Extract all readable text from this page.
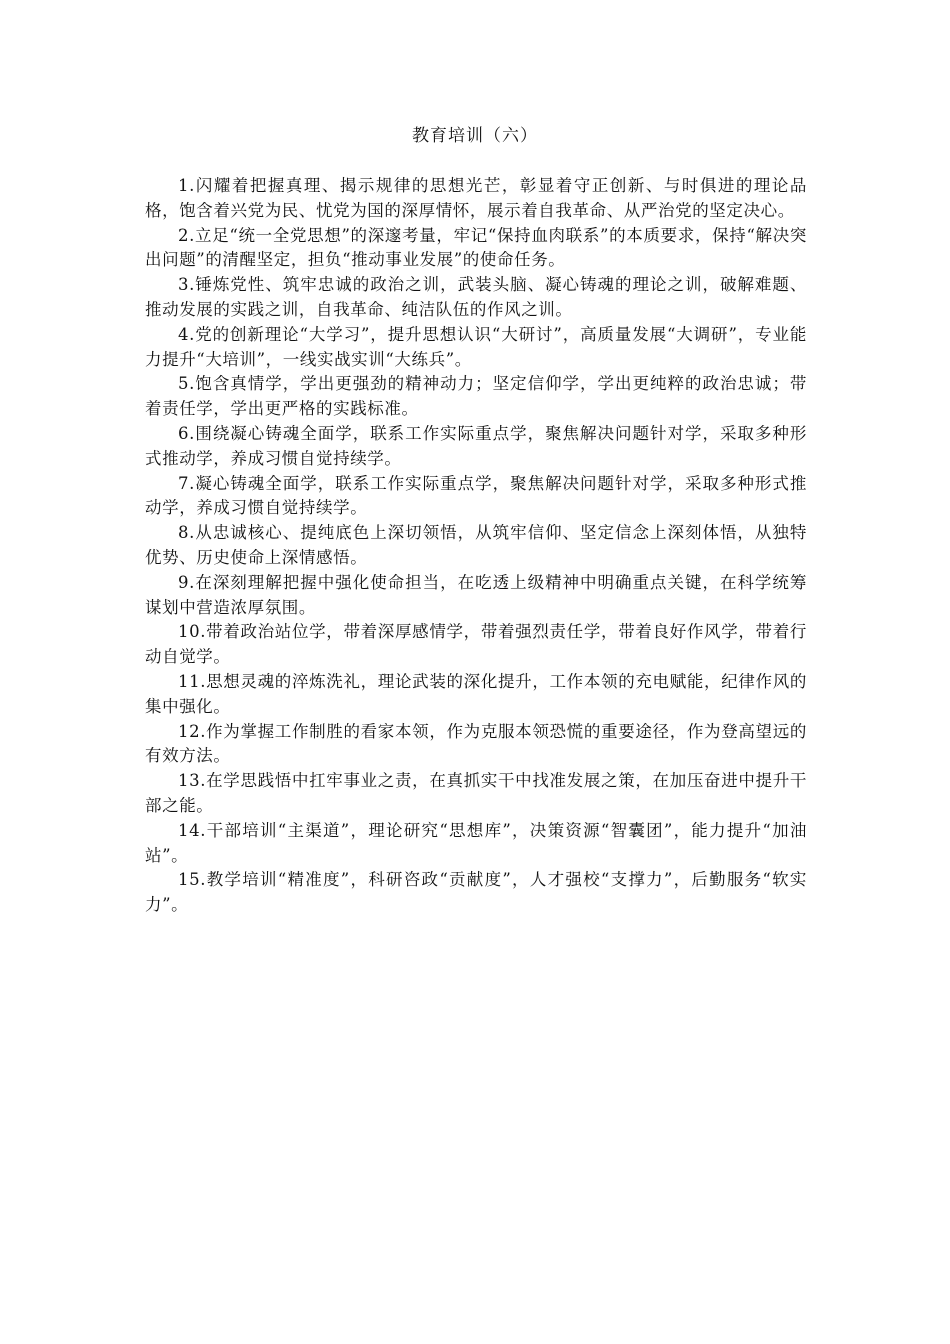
教育培训（六）

1.闪耀着把握真理、揭示规律的思想光芒，彰显着守正创新、与时俱进的理论品格，饱含着兴党为民、忧党为国的深厚情怀，展示着自我革命、从严治党的坚定决心。

2.立足“统一全党思想”的深邃考量，牢记“保持血肉联系”的本质要求，保持“解决突出问题”的清醒坚定，担负“推动事业发展”的使命任务。

3.锤炼党性、筑牢忠诚的政治之训，武装头脑、凝心铸魂的理论之训，破解难题、推动发展的实践之训，自我革命、纯洁队伍的作风之训。

4.党的创新理论“大学习”，提升思想认识“大研讨”，高质量发展“大调研”，专业能力提升“大培训”，一线实战实训“大练兵”。

5.饱含真情学，学出更强劲的精神动力；坚定信仰学，学出更纯粹的政治忠诚；带着责任学，学出更严格的实践标准。

6.围绕凝心铸魂全面学，联系工作实际重点学，聚焦解决问题针对学，采取多种形式推动学，养成习惯自觉持续学。

7.凝心铸魂全面学，联系工作实际重点学，聚焦解决问题针对学，采取多种形式推动学，养成习惯自觉持续学。

8.从忠诚核心、提纯底色上深切领悟，从筑牢信仰、坚定信念上深刻体悟，从独特优势、历史使命上深情感悟。

9.在深刻理解把握中强化使命担当，在吃透上级精神中明确重点关键，在科学统筹谋划中营造浓厚氛围。

10.带着政治站位学，带着深厚感情学，带着强烈责任学，带着良好作风学，带着行动自觉学。

11.思想灵魂的淬炼洗礼，理论武装的深化提升，工作本领的充电赋能，纪律作风的集中强化。

12.作为掌握工作制胜的看家本领，作为克服本领恐慌的重要途径，作为登高望远的有效方法。

13.在学思践悟中扛牢事业之责，在真抓实干中找准发展之策，在加压奋进中提升干部之能。

14.干部培训“主渠道”，理论研究“思想库”，决策资源“智囊团”，能力提升“加油站”。

15.教学培训“精准度”，科研咨政“贡献度”，人才强校“支撑力”，后勤服务“软实力”。
